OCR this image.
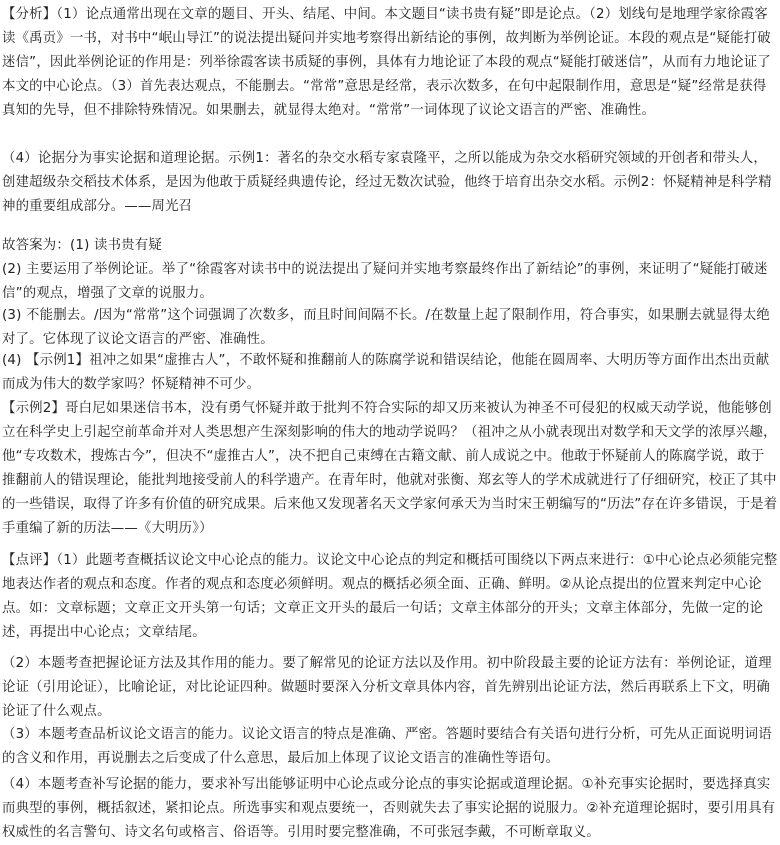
【分析】（1）论点通常出现在文章的题目、开头、结尾、中间。本文题目“读书贵有疑”即是论点。（2）划线句是地理学家徐霞客读《禹贡》一书，对书中“岷山导江”的说法提出疑问并实地考察得出新结论的事例，故判断为举例论证。本段的观点是“疑能打破迷信”，因此举例论证的作用是：列举徐霞客读书质疑的事例，具体有力地论证了本段的观点“疑能打破迷信”，从而有力地论证了本文的中心论点。（3）首先表达观点，不能删去。“常常”意思是经常，表示次数多，在句中起限制作用，意思是“疑”经常是获得真知的先导，但不排除特殊情况。如果删去，就显得太绝对。“常常”一词体现了议论文语言的严密、准确性。
（4）论据分为事实论据和道理论据。示例1：著名的杂交水稻专家袁隆平，之所以能成为杂交水稻研究领域的开创者和带头人，创建超级杂交稻技术体系，是因为他敢于质疑经典遗传论，经过无数次试验，他终于培育出杂交水稻。示例2：怀疑精神是科学精神的重要组成部分。——周光召
故答案为：(1) 读书贵有疑
(2) 主要运用了举例论证。举了“徐霞客对读书中的说法提出了疑问并实地考察最终作出了新结论”的事例，来证明了“疑能打破迷信”的观点，增强了文章的说服力。
(3) 不能删去。/因为“常常”这个词强调了次数多，而且时间间隔不长。/在数量上起了限制作用，符合事实，如果删去就显得太绝对了。它体现了议论文语言的严密、准确性。
(4) 【示例1】祖冲之如果“虚推古人”，不敢怀疑和推翻前人的陈腐学说和错误结论，他能在圆周率、大明历等方面作出杰出贡献而成为伟大的数学家吗？怀疑精神不可少。
【示例2】哥白尼如果迷信书本，没有勇气怀疑并敢于批判不符合实际的却又历来被认为神圣不可侵犯的权威天动学说，他能够创立在科学史上引起空前革命并对人类思想产生深刻影响的伟大的地动学说吗？（祖冲之从小就表现出对数学和天文学的浓厚兴趣，他“专攻数术，搜炼古今”，但决不“虚推古人”，决不把自己束缚在古籍文献、前人成说之中。他敢于怀疑前人的陈腐学说，敢于推翻前人的错误理论，能批判地接受前人的科学遗产。在青年时，他就对张衡、郑玄等人的学术成就进行了仔细研究，校正了其中的一些错误，取得了许多有价值的研究成果。后来他又发现著名天文学家何承天为当时宋王朝编写的“历法”存在许多错误，于是着手重编了新的历法——《大明历》）
【点评】（1）此题考查概括议论文中心论点的能力。议论文中心论点的判定和概括可围绕以下两点来进行：①中心论点必须能完整地表达作者的观点和态度。作者的观点和态度必须鲜明。观点的概括必须全面、正确、鲜明。②从论点提出的位置来判定中心论点。如：文章标题；文章正文开头第一句话；文章正文开头的最后一句话；文章主体部分的开头；文章主体部分，先做一定的论述，再提出中心论点；文章结尾。
（2）本题考查把握论证方法及其作用的能力。要了解常见的论证方法以及作用。初中阶段最主要的论证方法有：举例论证，道理论证（引用论证），比喻论证，对比论证四种。做题时要深入分析文章具体内容，首先辨别出论证方法，然后再联系上下文，明确论证了什么观点。
（3）本题考查品析议论文语言的能力。议论文语言的特点是准确、严密。答题时要结合有关语句进行分析，可先从正面说明词语的含义和作用，再说删去之后变成了什么意思，最后加上体现了议论文语言的准确性等语句。
（4）本题考查补写论据的能力，要求补写出能够证明中心论点或分论点的事实论据或道理论据。①补充事实论据时，要选择真实而典型的事例，概括叙述，紧扣论点。所选事实和观点要统一，否则就失去了事实论据的说服力。②补充道理论据时，要引用具有权威性的名言警句、诗文名句或格言、俗语等。引用时要完整准确，不可张冠李戴，不可断章取义。
